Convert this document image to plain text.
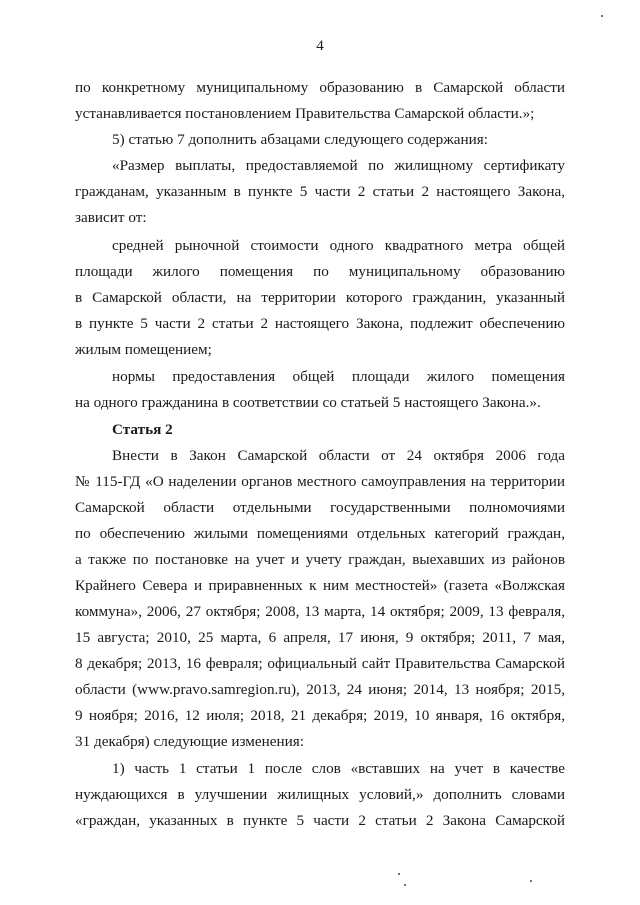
4
по конкретному муниципальному образованию в Самарской области
устанавливается постановлением Правительства Самарской области.»;
5) статью 7 дополнить абзацами следующего содержания:
«Размер выплаты, предоставляемой по жилищному сертификату
гражданам, указанным в пункте 5 части 2 статьи 2 настоящего Закона,
зависит от:
средней рыночной стоимости одного квадратного метра общей
площади жилого помещения по муниципальному образованию
в Самарской области, на территории которого гражданин, указанный
в пункте 5 части 2 статьи 2 настоящего Закона, подлежит обеспечению
жилым помещением;
нормы предоставления общей площади жилого помещения
на одного гражданина в соответствии со статьей 5 настоящего Закона.».
Статья 2
Внести в Закон Самарской области от 24 октября 2006 года
№ 115-ГД «О наделении органов местного самоуправления на территории
Самарской области отдельными государственными полномочиями
по обеспечению жилыми помещениями отдельных категорий граждан,
а также по постановке на учет и учету граждан, выехавших из районов
Крайнего Севера и приравненных к ним местностей» (газета «Волжская
коммуна», 2006, 27 октября; 2008, 13 марта, 14 октября; 2009, 13 февраля,
15 августа; 2010, 25 марта, 6 апреля, 17 июня, 9 октября; 2011, 7 мая,
8 декабря; 2013, 16 февраля; официальный сайт Правительства Самарской
области (www.pravo.samregion.ru), 2013, 24 июня; 2014, 13 ноября; 2015,
9 ноября; 2016, 12 июля; 2018, 21 декабря; 2019, 10 января, 16 октября,
31 декабря) следующие изменения:
1) часть 1 статьи 1 после слов «вставших на учет в качестве
нуждающихся в улучшении жилищных условий,» дополнить словами
«граждан, указанных в пункте 5 части 2 статьи 2 Закона Самарской
